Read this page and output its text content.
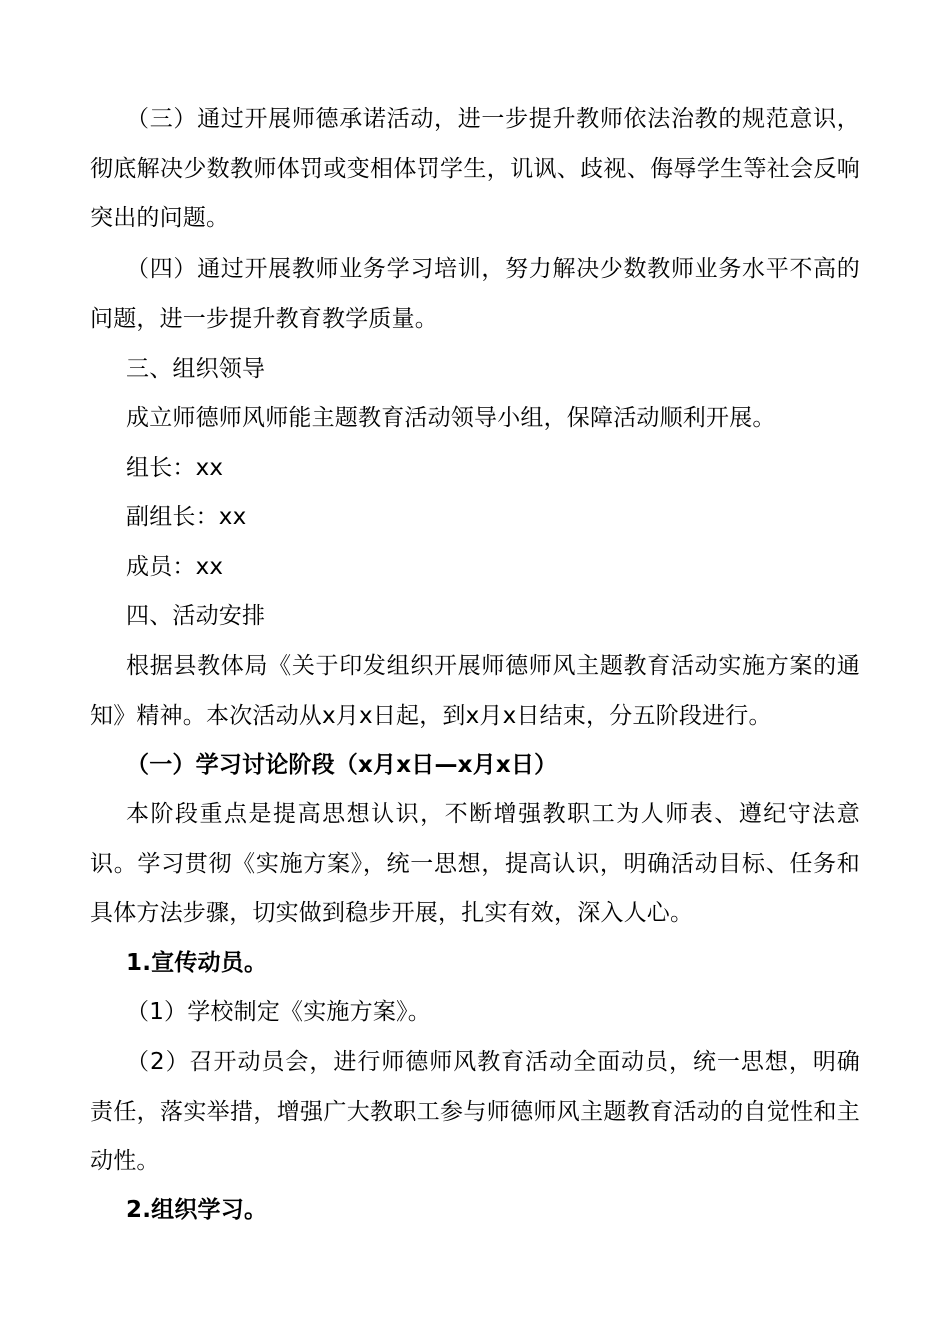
（三）通过开展师德承诺活动，进一步提升教师依法治教的规范意识，彻底解决少数教师体罚或变相体罚学生，讥讽、歧视、侮辱学生等社会反响突出的问题。

（四）通过开展教师业务学习培训，努力解决少数教师业务水平不高的问题，进一步提升教育教学质量。

三、组织领导

成立师德师风师能主题教育活动领导小组，保障活动顺利开展。

组长：xx

副组长：xx

成员：xx

四、活动安排

根据县教体局《关于印发组织开展师德师风主题教育活动实施方案的通知》精神。本次活动从x月x日起，到x月x日结束，分五阶段进行。

（一）学习讨论阶段（x月x日—x月x日）

本阶段重点是提高思想认识，不断增强教职工为人师表、遵纪守法意识。学习贯彻《实施方案》，统一思想，提高认识，明确活动目标、任务和具体方法步骤，切实做到稳步开展，扎实有效，深入人心。

1.宣传动员。

（1）学校制定《实施方案》。

（2）召开动员会，进行师德师风教育活动全面动员，统一思想，明确责任，落实举措，增强广大教职工参与师德师风主题教育活动的自觉性和主动性。

2.组织学习。
